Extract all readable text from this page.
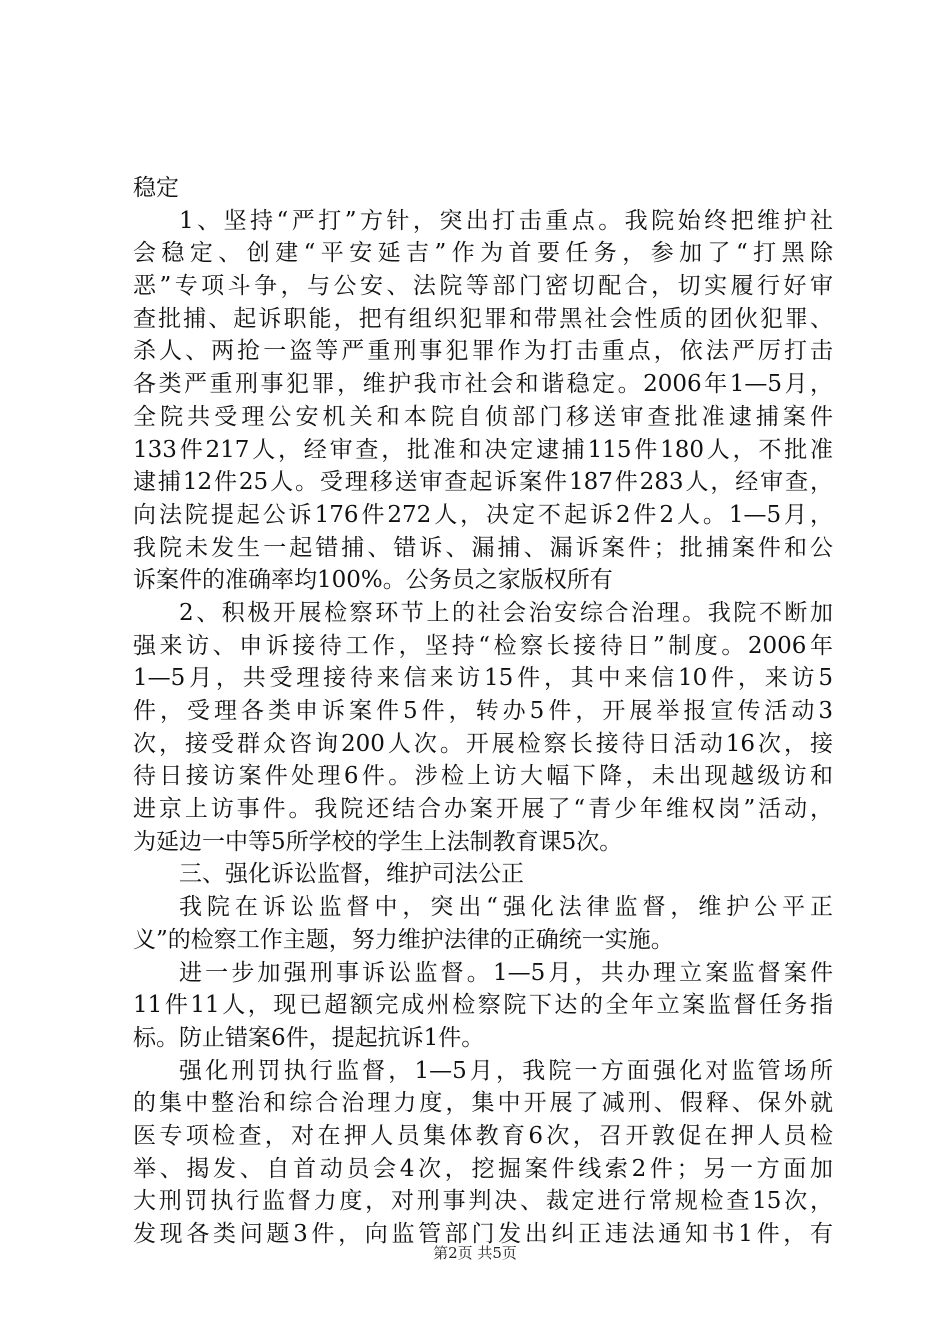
稳定
1、坚持“严打”方针，突出打击重点。我院始终把维护社
会稳定、创建“平安延吉”作为首要任务，参加了“打黑除
恶”专项斗争，与公安、法院等部门密切配合，切实履行好审
查批捕、起诉职能，把有组织犯罪和带黑社会性质的团伙犯罪、
杀人、两抢一盗等严重刑事犯罪作为打击重点，依法严厉打击
各类严重刑事犯罪，维护我市社会和谐稳定。2006年1—5月，
全院共受理公安机关和本院自侦部门移送审查批准逮捕案件
133件217人，经审查，批准和决定逮捕115件180人，不批准
逮捕12件25人。受理移送审查起诉案件187件283人，经审查，
向法院提起公诉176件272人，决定不起诉2件2人。1—5月，
我院未发生一起错捕、错诉、漏捕、漏诉案件；批捕案件和公
诉案件的准确率均100%。公务员之家版权所有
2、积极开展检察环节上的社会治安综合治理。我院不断加
强来访、申诉接待工作，坚持“检察长接待日”制度。2006年
1—5月，共受理接待来信来访15件，其中来信10件，来访5
件，受理各类申诉案件5件，转办5件，开展举报宣传活动3
次，接受群众咨询200人次。开展检察长接待日活动16次，接
待日接访案件处理6件。涉检上访大幅下降，未出现越级访和
进京上访事件。我院还结合办案开展了“青少年维权岗”活动，
为延边一中等5所学校的学生上法制教育课5次。
三、强化诉讼监督，维护司法公正
我院在诉讼监督中，突出“强化法律监督，维护公平正
义”的检察工作主题，努力维护法律的正确统一实施。
进一步加强刑事诉讼监督。1—5月，共办理立案监督案件
11件11人，现已超额完成州检察院下达的全年立案监督任务指
标。防止错案6件，提起抗诉1件。
强化刑罚执行监督，1—5月，我院一方面强化对监管场所
的集中整治和综合治理力度，集中开展了减刑、假释、保外就
医专项检查，对在押人员集体教育6次，召开敦促在押人员检
举、揭发、自首动员会4次，挖掘案件线索2件；另一方面加
大刑罚执行监督力度，对刑事判决、裁定进行常规检查15次，
发现各类问题3件，向监管部门发出纠正违法通知书1件，有
第2页 共5页
